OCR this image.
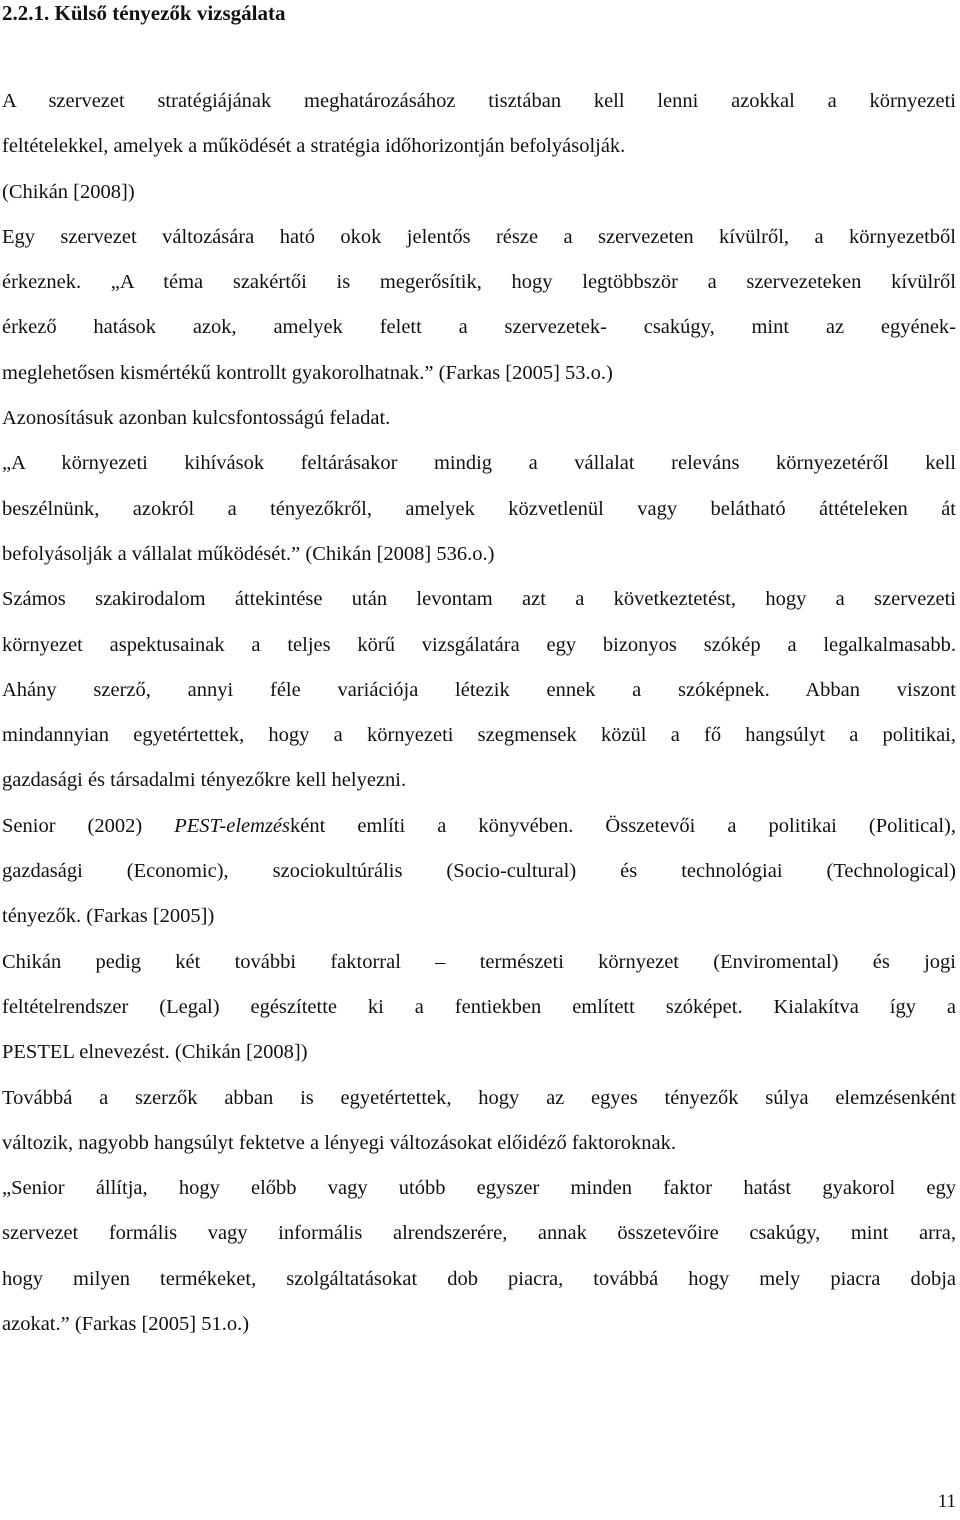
2.2.1. Külső tényezők vizsgálata
A szervezet stratégiájának meghatározásához tisztában kell lenni azokkal a környezeti
feltételekkel, amelyek a működését a stratégia időhorizontján befolyásolják.
(Chikán [2008])
Egy szervezet változására ható okok jelentős része a szervezeten kívülről, a környezetből
érkeznek. „A téma szakértői is megerősítik, hogy legtöbbször a szervezeteken kívülről
érkező hatások azok, amelyek felett a szervezetek- csakúgy, mint az egyének-
meglehetősen kismértékű kontrollt gyakorolhatnak.” (Farkas [2005] 53.o.)
Azonosításuk azonban kulcsfontosságú feladat.
„A környezeti kihívások feltárásakor mindig a vállalat releváns környezetéről kell
beszélnünk, azokról a tényezőkről, amelyek közvetlenül vagy belátható áttételeken át
befolyásolják a vállalat működését.” (Chikán [2008] 536.o.)
Számos szakirodalom áttekintése után levontam azt a következtetést, hogy a szervezeti
környezet aspektusainak a teljes körű vizsgálatára egy bizonyos szókép a legalkalmasabb.
Ahány szerző, annyi féle variációja létezik ennek a szóképnek. Abban viszont
mindannyian egyetértettek, hogy a környezeti szegmensek közül a fő hangsúlyt a politikai,
gazdasági és társadalmi tényezőkre kell helyezni.
Senior (2002) PEST-elemzésként említi a könyvében. Összetevői a politikai (Political),
gazdasági (Economic), szociokultúrális (Socio-cultural) és technológiai (Technological)
tényezők. (Farkas [2005])
Chikán pedig két további faktorral – természeti környezet (Enviromental) és jogi
feltételrendszer (Legal) egészítette ki a fentiekben említett szóképet. Kialakítva így a
PESTEL elnevezést. (Chikán [2008])
Továbbá a szerzők abban is egyetértettek, hogy az egyes tényezők súlya elemzésenként
változik, nagyobb hangsúlyt fektetve a lényegi változásokat előidéző faktoroknak.
„Senior állítja, hogy előbb vagy utóbb egyszer minden faktor hatást gyakorol egy
szervezet formális vagy informális alrendszerére, annak összetevőire csakúgy, mint arra,
hogy milyen termékeket, szolgáltatásokat dob piacra, továbbá hogy mely piacra dobja
azokat.” (Farkas [2005] 51.o.)
11
